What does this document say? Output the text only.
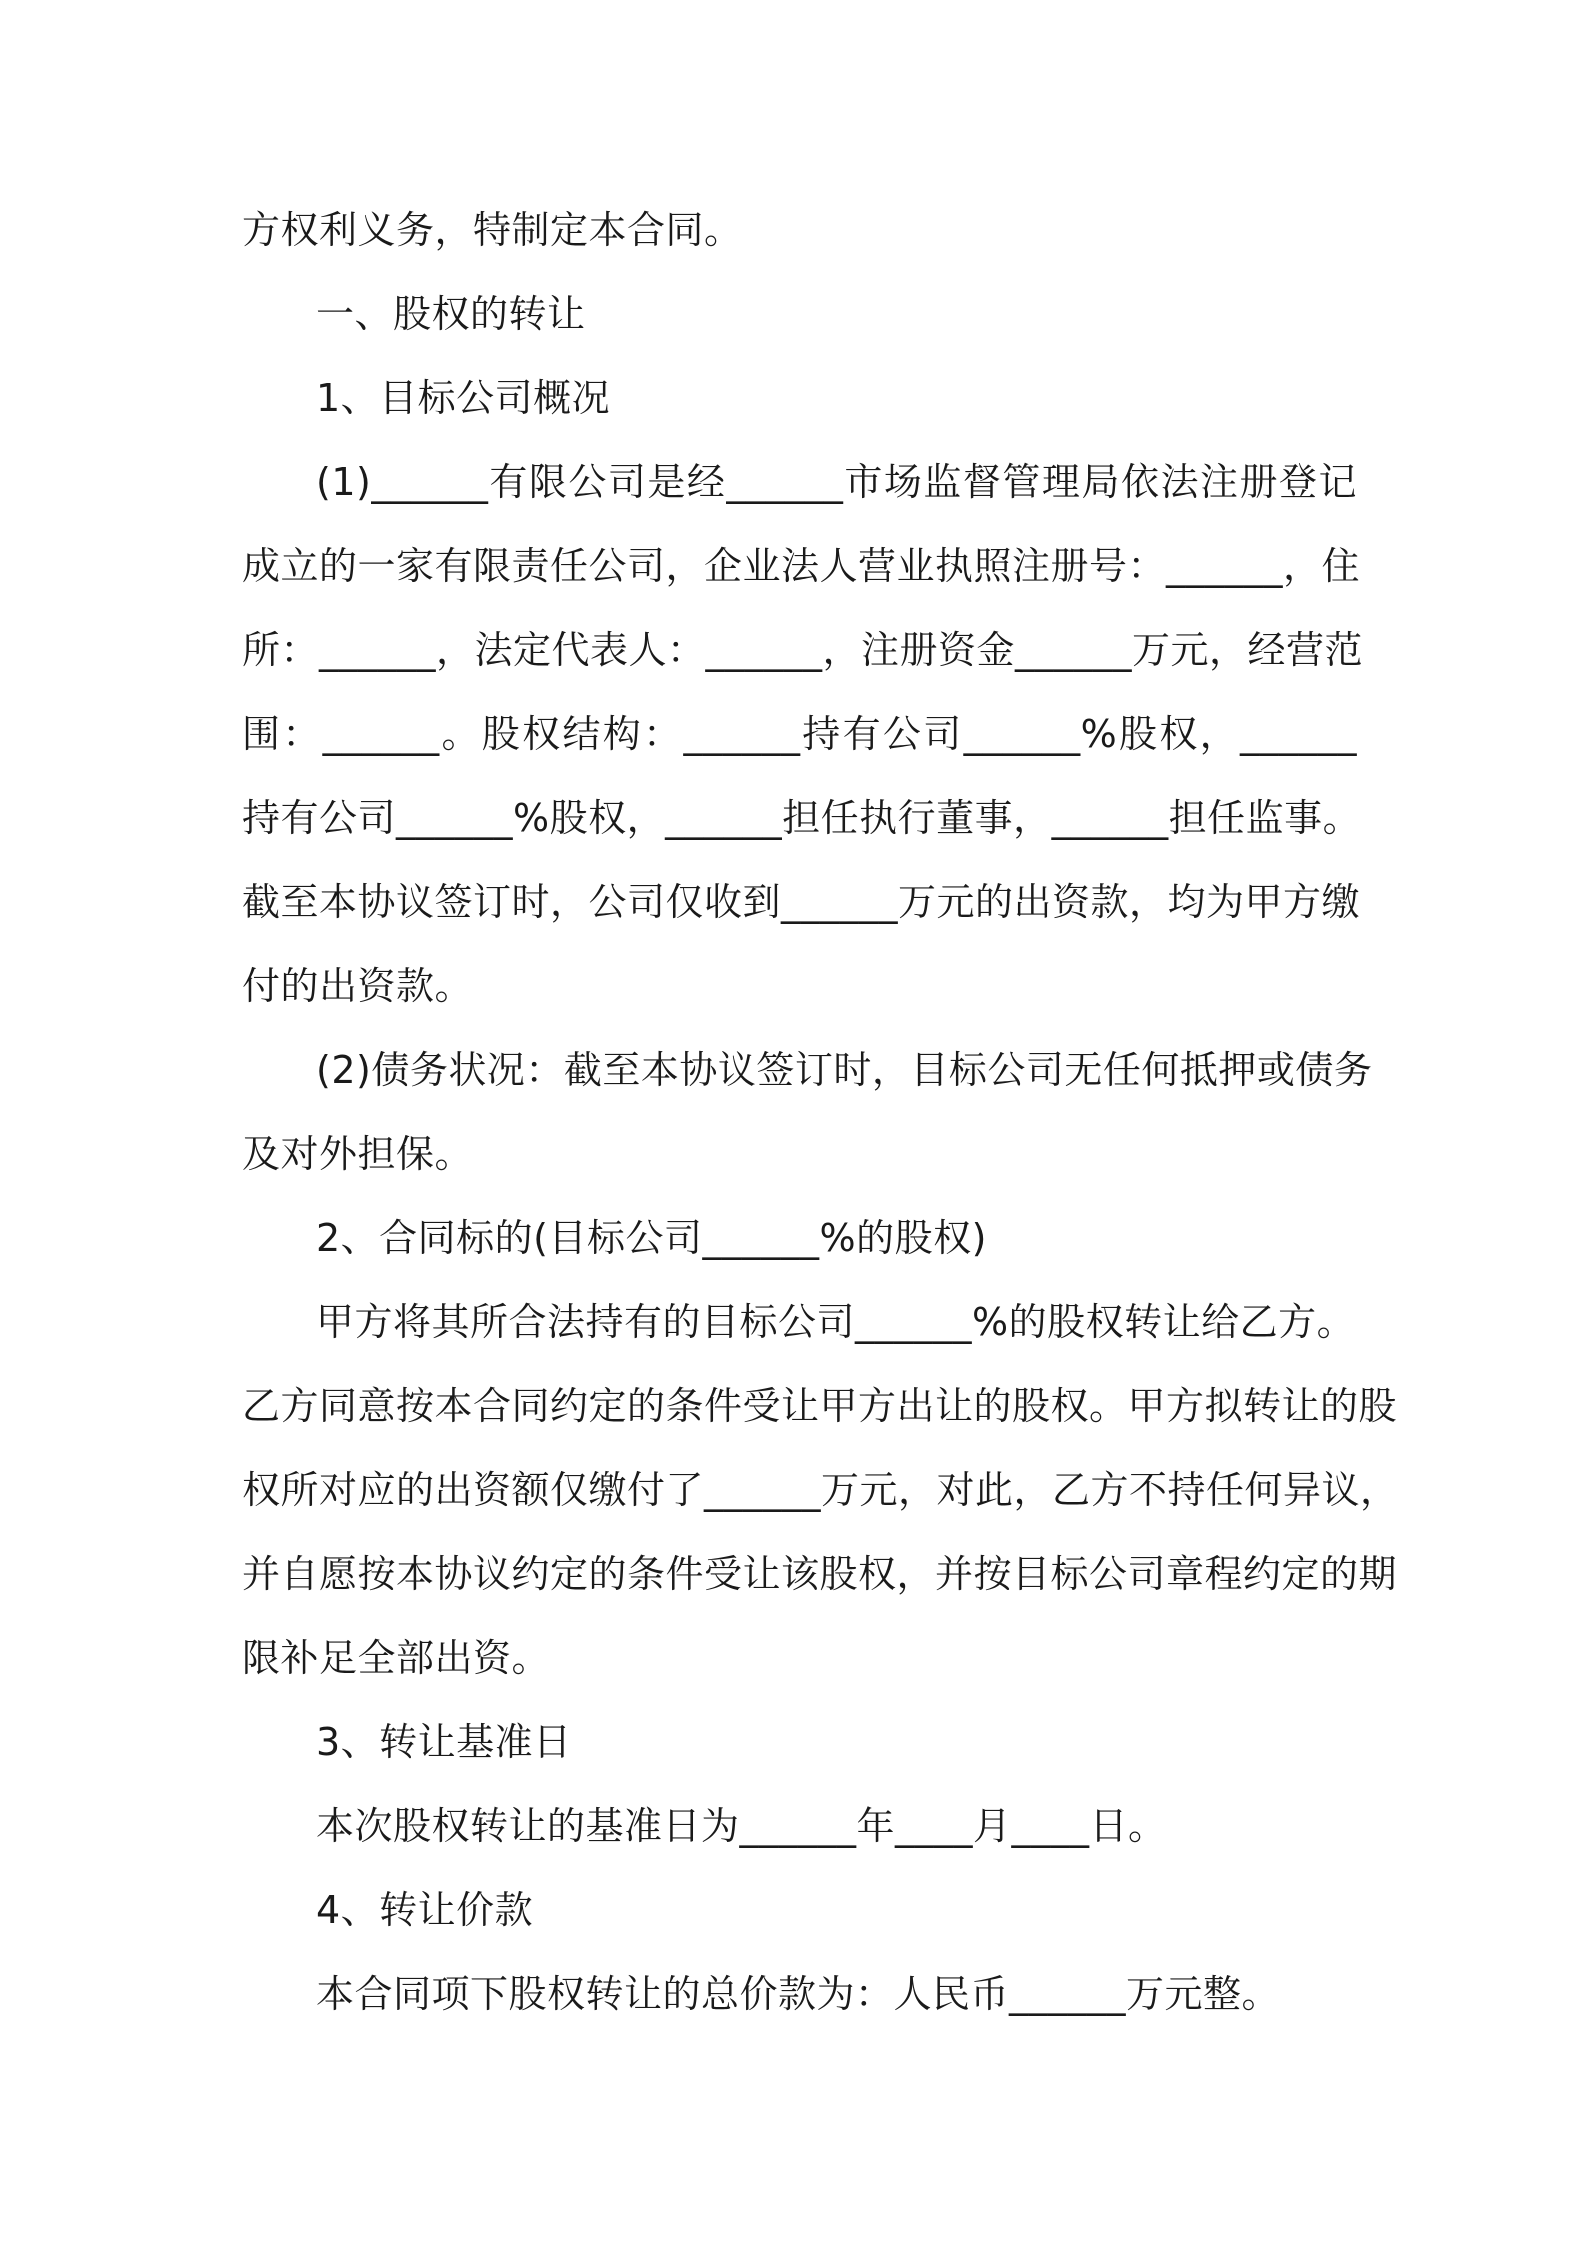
方权利义务，特制定本合同。
一、股权的转让
1、目标公司概况
(1)______有限公司是经______市场监督管理局依法注册登记
成立的一家有限责任公司，企业法人营业执照注册号：______，住
所：______，法定代表人：______，注册资金______万元，经营范
围：______。股权结构：______持有公司______%股权，______
持有公司______%股权，______担任执行董事，______担任监事。
截至本协议签订时，公司仅收到______万元的出资款，均为甲方缴
付的出资款。
(2)债务状况：截至本协议签订时，目标公司无任何抵押或债务
及对外担保。
2、合同标的(目标公司______%的股权)
甲方将其所合法持有的目标公司______%的股权转让给乙方。
乙方同意按本合同约定的条件受让甲方出让的股权。甲方拟转让的股
权所对应的出资额仅缴付了______万元，对此，乙方不持任何异议，
并自愿按本协议约定的条件受让该股权，并按目标公司章程约定的期
限补足全部出资。
3、转让基准日
本次股权转让的基准日为______年____月____日。
4、转让价款
本合同项下股权转让的总价款为：人民币______万元整。
